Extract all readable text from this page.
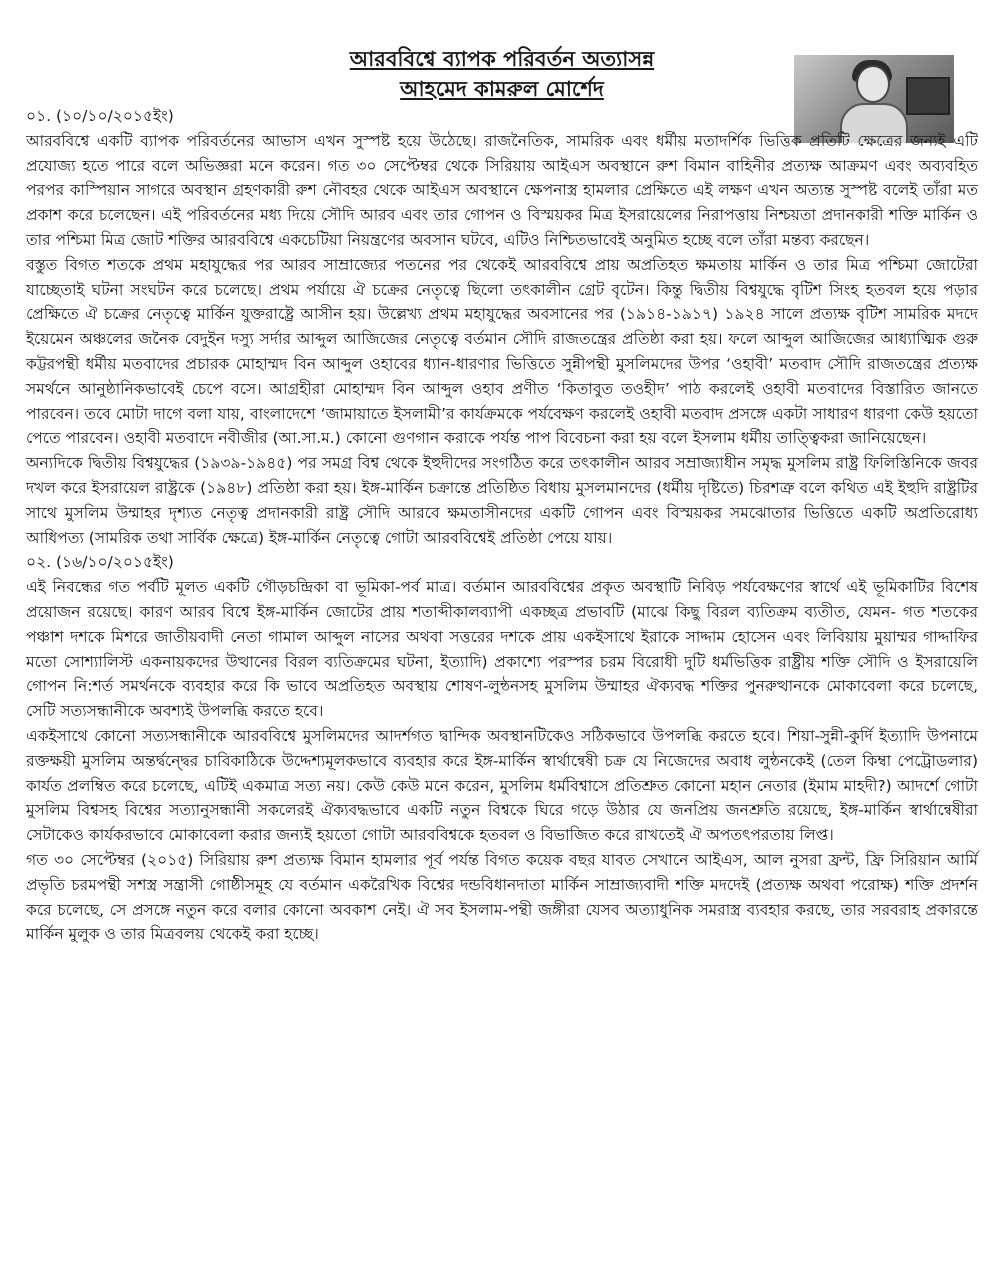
আরববিশ্বে ব্যাপক পরিবর্তন অত্যাসন্ন
আহমেদ কামরুল মোর্শেদ

০১. (১০/১০/২০১৫ইং)

আরববিশ্বে একটি ব্যাপক পরিবর্তনের আভাস এখন সুস্পষ্ট হয়ে উঠেছে। রাজনৈতিক, সামরিক এবং ধর্মীয় মতাদর্শিক ভিত্তিক প্রতিটি ক্ষেত্রের জন্যই এটি প্রযোজ্য হতে পারে বলে অভিজ্ঞরা মনে করেন। গত ৩০ সেপ্টেম্বর থেকে সিরিয়ায় আইএস অবস্থানে রুশ বিমান বাহিনীর প্রত্যক্ষ আক্রমণ এবং অব্যবহিত পরপর কাস্পিয়ান সাগরে অবস্থান গ্রহণকারী রুশ নৌবহর থেকে আইএস অবস্থানে ক্ষেপনাস্ত্র হামলার প্রেক্ষিতে এই লক্ষণ এখন অত্যন্ত সুস্পষ্ট বলেই তাঁরা মত প্রকাশ করে চলেছেন। এই পরিবর্তনের মধ্য দিয়ে সৌদি আরব এবং তার গোপন ও বিস্ময়কর মিত্র ইসরায়েলের নিরাপত্তায় নিশ্চয়তা প্রদানকারী শক্তি মার্কিন ও তার পশ্চিমা মিত্র জোট শক্তির আরববিশ্বে একচেটিয়া নিয়ন্ত্রণের অবসান ঘটবে, এটিও নিশ্চিতভাবেই অনুমিত হচ্ছে বলে তাঁরা মন্তব্য করছেন।

বস্তুত বিগত শতকে প্রথম মহাযুদ্ধের পর আরব সাম্রাজ্যের পতনের পর থেকেই আরববিশ্বে প্রায় অপ্রতিহত ক্ষমতায় মার্কিন ও তার মিত্র পশ্চিমা জোটেরা যাচ্ছেতাই ঘটনা সংঘটন করে চলেছে। প্রথম পর্যায়ে ঐ চক্রের নেতৃত্বে ছিলো তৎকালীন গ্রেট বৃটেন। কিন্তু দ্বিতীয় বিশ্বযুদ্ধে বৃটিশ সিংহ হতবল হয়ে পড়ার প্রেক্ষিতে ঐ চক্রের নেতৃত্বে মার্কিন যুক্তরাষ্ট্রে আসীন হয়। উল্লেখ্য প্রথম মহাযুদ্ধের অবসানের পর (১৯১৪-১৯১৭) ১৯২৪ সালে প্রত্যক্ষ বৃটিশ সামরিক মদদে ইয়েমেন অঞ্চলের জনৈক বেদুইন দস্যু সর্দার আব্দুল আজিজের নেতৃত্বে বর্তমান সৌদি রাজতন্ত্রের প্রতিষ্ঠা করা হয়। ফলে আব্দুল আজিজের আধ্যাত্মিক গুরু কট্টরপন্থী ধর্মীয় মতবাদের প্রচারক মোহাম্মদ বিন আব্দুল ওহাবের ধ্যান-ধারণার ভিত্তিতে সুন্নীপন্থী মুসলিমদের উপর ‘ওহাবী’ মতবাদ সৌদি রাজতন্ত্রের প্রত্যক্ষ সমর্থনে আনুষ্ঠানিকভাবেই চেপে বসে। আগ্রহীরা মোহাম্মদ বিন আব্দুল ওহাব প্রণীত ‘কিতাবুত তওহীদ’ পাঠ করলেই ওহাবী মতবাদের বিস্তারিত জানতে পারবেন। তবে মোটা দাগে বলা যায়, বাংলাদেশে ‘জামায়াতে ইসলামী’র কার্যক্রমকে পর্যবেক্ষণ করলেই ওহাবী মতবাদ প্রসঙ্গে একটা সাধারণ ধারণা কেউ হয়তো পেতে পারবেন। ওহাবী মতবাদে নবীজীর (আ.সা.ম.) কোনো গুণগান করাকে পর্যন্ত পাপ বিবেচনা করা হয় বলে ইসলাম ধর্মীয় তাত্ত্বিকরা জানিয়েছেন।

অন্যদিকে দ্বিতীয় বিশ্বযুদ্ধের (১৯৩৯-১৯৪৫) পর সমগ্র বিশ্ব থেকে ইহুদীদের সংগঠিত করে তৎকালীন আরব সম্রাজ্যাধীন সমৃদ্ধ মুসলিম রাষ্ট্র ফিলিস্তিনিকে জবর দখল করে ইসরায়েল রাষ্ট্রকে (১৯৪৮) প্রতিষ্ঠা করা হয়। ইঙ্গ-মার্কিন চক্রান্তে প্রতিষ্ঠিত বিধায় মুসলমানদের (ধর্মীয় দৃষ্টিতে) চিরশত্রু বলে কথিত এই ইহুদি রাষ্ট্রটির সাথে মুসলিম উম্মাহর দৃশ্যত নেতৃত্ব প্রদানকারী রাষ্ট্র সৌদি আরবে ক্ষমতাসীনদের একটি গোপন এবং বিস্ময়কর সমঝোতার ভিত্তিতে একটি অপ্রতিরোধ্য আধিপত্য (সামরিক তথা সার্বিক ক্ষেত্রে) ইঙ্গ-মার্কিন নেতৃত্বে গোটা আরববিশ্বেই প্রতিষ্ঠা পেয়ে যায়।

০২. (১৬/১০/২০১৫ইং)

এই নিবন্ধের গত পর্বটি মূলত একটি গৌড়চন্দ্রিকা বা ভূমিকা-পর্ব মাত্র। বর্তমান আরববিশ্বের প্রকৃত অবস্থাটি নিবিড় পর্যবেক্ষণের স্বার্থে এই ভূমিকাটির বিশেষ প্রয়োজন রয়েছে। কারণ আরব বিশ্বে ইঙ্গ-মার্কিন জোটের প্রায় শতাব্দীকালব্যাপী একচ্ছত্র প্রভাবটি (মাঝে কিছু বিরল ব্যতিক্রম ব্যতীত, যেমন- গত শতকের পঞ্চাশ দশকে মিশরে জাতীয়বাদী নেতা গামাল আব্দুল নাসের অথবা সত্তরের দশকে প্রায় একইসাথে ইরাকে সাদ্দাম হোসেন এবং লিবিয়ায় মুয়াম্মর গাদ্দাফির মতো সোশ্যালিস্ট একনায়কদের উত্থানের বিরল ব্যতিক্রমের ঘটনা, ইত্যাদি) প্রকাশ্যে পরস্পর চরম বিরোধী দুটি ধর্মভিত্তিক রাষ্ট্রীয় শক্তি সৌদি ও ইসরায়েলি গোপন নি:শর্ত সমর্থনকে ব্যবহার করে কি ভাবে অপ্রতিহত অবস্থায় শোষণ-লুন্ঠনসহ মুসলিম উম্মাহর ঐক্যবদ্ধ শক্তির পুনরুত্থানকে মোকাবেলা করে চলেছে, সেটি সত্যসন্ধানীকে অবশ্যই উপলব্ধি করতে হবে।

একইসাথে কোনো সত্যসন্ধানীকে আরববিশ্বে মুসলিমদের আদর্শগত দ্বান্দিক অবস্থানটিকেও সঠিকভাবে উপলব্ধি করতে হবে। শিয়া-সুন্নী-কুর্দি ইত্যাদি উপনামে রক্তক্ষয়ী মুসলিম অন্তর্দ্বন্দ্বের চাবিকাঠিকে উদ্দেশ্যমূলকভাবে ব্যবহার করে ইঙ্গ-মার্কিন স্বার্থান্বেষী চক্র যে নিজেদের অবাধ লুন্ঠনকেই (তেল কিম্বা পেট্রোডলার) কার্যত প্রলম্বিত করে চলেছে, এটিই একমাত্র সত্য নয়। কেউ কেউ মনে করেন, মুসলিম ধর্মবিশ্বাসে প্রতিশ্রুত কোনো মহান নেতার (ইমাম মাহদী?) আদর্শে গোটা মুসলিম বিশ্বসহ বিশ্বের সত্যানুসন্ধানী সকলেরই ঐক্যবদ্ধভাবে একটি নতুন বিশ্বকে ঘিরে গড়ে উঠার যে জনপ্রিয় জনশ্রুতি রয়েছে, ইঙ্গ-মার্কিন স্বার্থান্বেষীরা সেটাকেও কার্যকরভাবে মোকাবেলা করার জন্যই হয়তো গোটা আরববিশ্বকে হতবল ও বিভাজিত করে রাখতেই ঐ অপতৎপরতায় লিপ্ত।

গত ৩০ সেপ্টেম্বর (২০১৫) সিরিয়ায় রুশ প্রত্যক্ষ বিমান হামলার পূর্ব পর্যন্ত বিগত কয়েক বছর যাবত সেখানে আইএস, আল নুসরা ফ্রন্ট, ফ্রি সিরিয়ান আর্মি প্রভৃতি চরমপন্থী সশস্ত্র সন্ত্রাসী গোষ্ঠীসমূহ যে বর্তমান একরৈখিক বিশ্বের দন্ডবিধানদাতা মার্কিন সাম্রাজ্যবাদী শক্তি মদদেই (প্রত্যক্ষ অথবা পরোক্ষ) শক্তি প্রদর্শন করে চলেছে, সে প্রসঙ্গে নতুন করে বলার কোনো অবকাশ নেই। ঐ সব ইসলাম-পন্থী জঙ্গীরা যেসব অত্যাধুনিক সমরাস্ত্র ব্যবহার করছে, তার সরবরাহ প্রকারন্তে মার্কিন মুলুক ও তার মিত্রবলয় থেকেই করা হচ্ছে।
